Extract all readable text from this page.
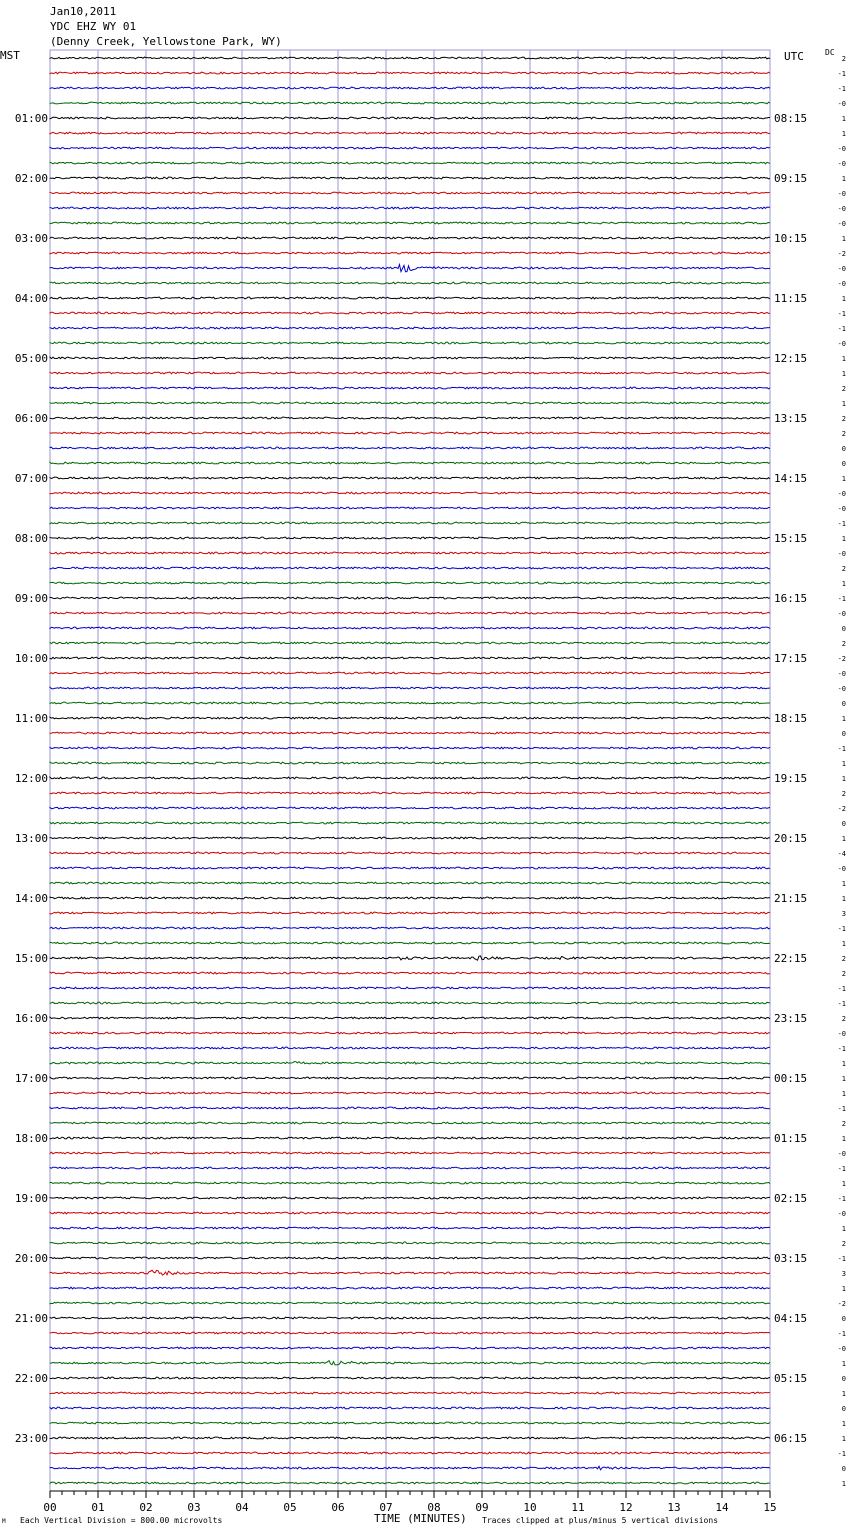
Jan10,2011
YDC EHZ WY 01
(Denny Creek, Yellowstone Park, WY)
MST	UTC	DC
TIME (MINUTES)
Each Vertical Division = 800.00 microvolts	Traces clipped at plus/minus 5 vertical divisions
M
00	01	02	03	04	05	06	07	08	09	10	11	12	13	14	15
2
-1
-1
-0
1
01:00	08:15
1
-0
-0
1
02:00	09:15
-0
-0
-0
1
03:00	10:15
-2
-0
-0
1
04:00	11:15
-1
-1
-0
1
05:00	12:15
1
2
1
2
06:00	13:15
2
0
0
1
07:00	14:15
-0
-0
-1
1
08:00	15:15
-0
2
1
-1
09:00	16:15
-0
0
2
-2
10:00	17:15
-0
-0
0
1
11:00	18:15
0
-1
1
1
12:00	19:15
2
-2
0
1
13:00	20:15
-4
-0
1
1
14:00	21:15
3
-1
1
2
15:00	22:15
2
-1
-1
2
16:00	23:15
-0
-1
1
1
17:00	00:15
1
-1
2
1
18:00	01:15
-0
-1
1
-1
19:00	02:15
-0
1
2
-1
20:00	03:15
3
1
-2
0
21:00	04:15
-1
-0
1
0
22:00	05:15
1
0
1
1
23:00	06:15
-1
0
1
